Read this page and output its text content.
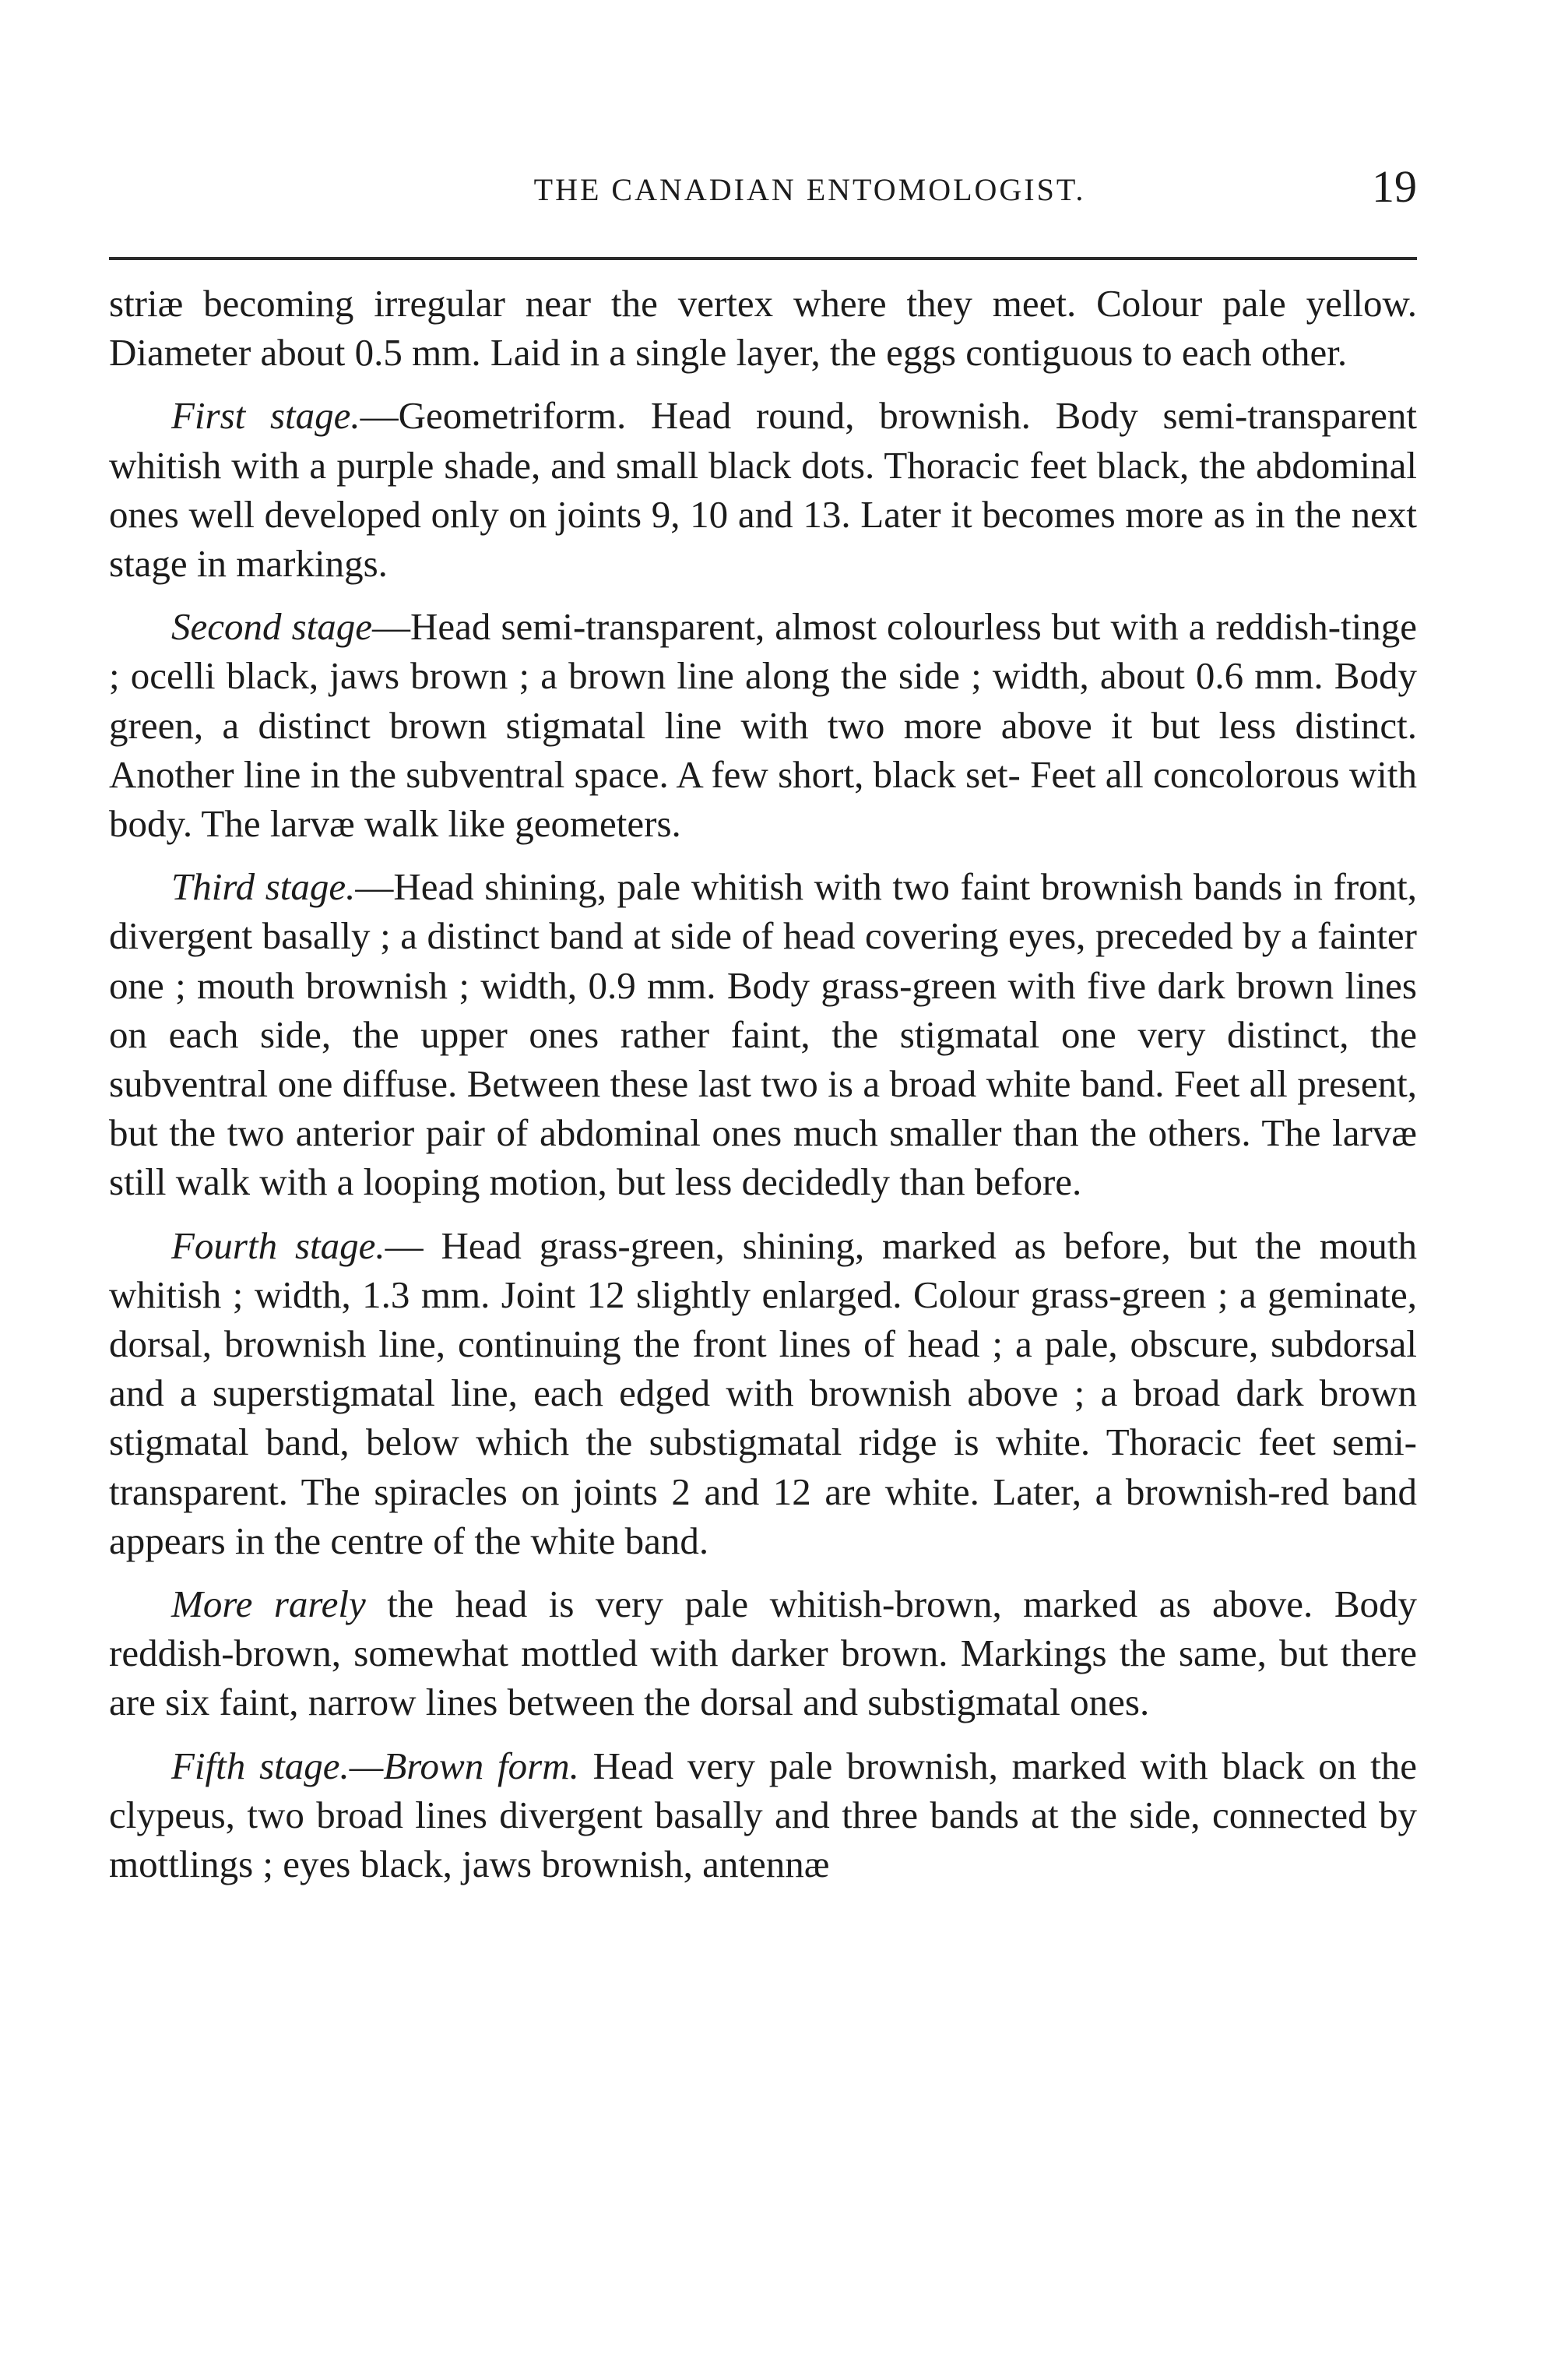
THE CANADIAN ENTOMOLOGIST.	19

striæ becoming irregular near the vertex where they meet. Colour pale yellow. Diameter about 0.5 mm. Laid in a single layer, the eggs contiguous to each other.

First stage.—Geometriform. Head round, brownish. Body semi-transparent whitish with a purple shade, and small black dots. Thoracic feet black, the abdominal ones well developed only on joints 9, 10 and 13. Later it becomes more as in the next stage in markings.

Second stage—Head semi-transparent, almost colourless but with a reddish-tinge ; ocelli black, jaws brown ; a brown line along the side ; width, about 0.6 mm. Body green, a distinct brown stigmatal line with two more above it but less distinct. Another line in the subventral space. A few short, black set‑ Feet all concolorous with body. The larvæ walk like geometers.

Third stage.—Head shining, pale whitish with two faint brownish bands in front, divergent basally ; a distinct band at side of head covering eyes, preceded by a fainter one ; mouth brownish ; width, 0.9 mm. Body grass-green with five dark brown lines on each side, the upper ones rather faint, the stigmatal one very distinct, the subventral one diffuse. Between these last two is a broad white band. Feet all present, but the two anterior pair of abdominal ones much smaller than the others. The larvæ still walk with a looping motion, but less decidedly than before.

Fourth stage.— Head grass-green, shining, marked as before, but the mouth whitish ; width, 1.3 mm. Joint 12 slightly enlarged. Colour grass-green ; a geminate, dorsal, brownish line, continuing the front lines of head ; a pale, obscure, subdorsal and a superstigmatal line, each edged with brownish above ; a broad dark brown stigmatal band, below which the substigmatal ridge is white. Thoracic feet semi-transparent. The spiracles on joints 2 and 12 are white. Later, a brownish-red band appears in the centre of the white band.

More rarely the head is very pale whitish-brown, marked as above. Body reddish-brown, somewhat mottled with darker brown. Markings the same, but there are six faint, narrow lines between the dorsal and substigmatal ones.

Fifth stage.—Brown form. Head very pale brownish, marked with black on the clypeus, two broad lines divergent basally and three bands at the side, connected by mottlings ; eyes black, jaws brownish, antennæ
